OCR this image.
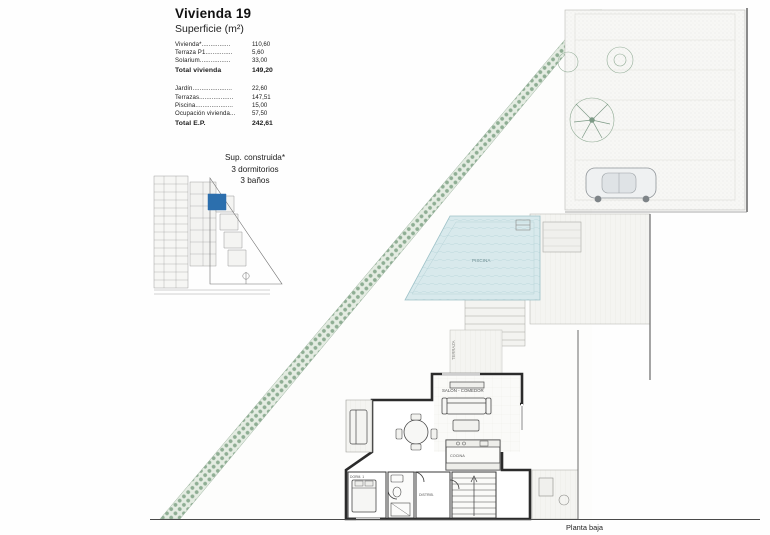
Vivienda 19
Superficie (m²)
Vivienda*................	110,60
Terraza P1...............	5,60
Solarium.................	33,00
Total vivienda	149,20

Jardín......................	22,60
Terrazas...................	147,51
Piscina.....................	15,00
Ocupación vivienda...	57,50
Total E.P.	242,61
Sup. construida*
3 dormitorios
3 baños
PISCINA
TERRAZA
SALÓN - COMEDOR
COCINA
DISTRIB.
DORM. 1
Planta baja
